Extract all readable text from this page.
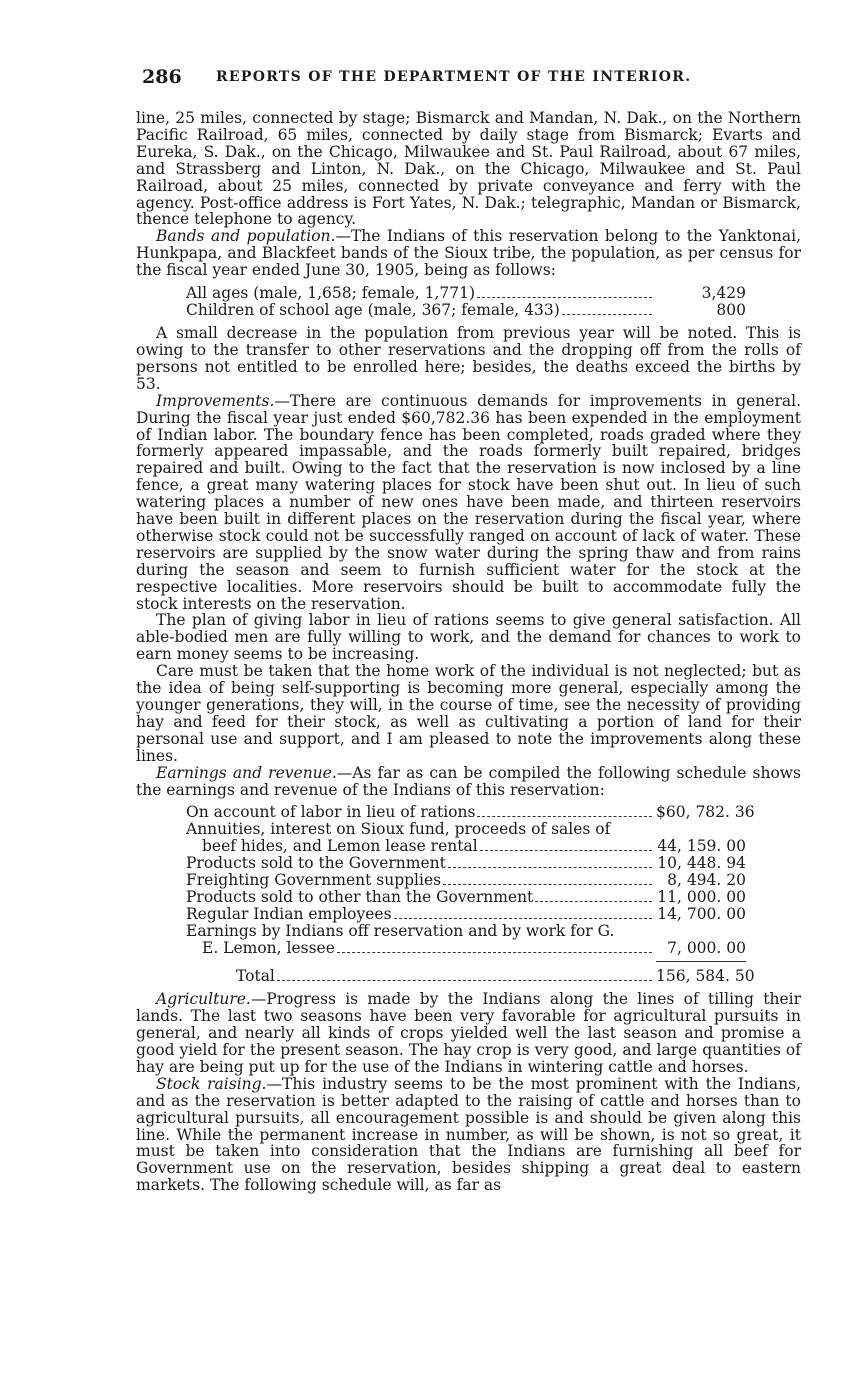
286 REPORTS OF THE DEPARTMENT OF THE INTERIOR.

line, 25 miles, connected by stage; Bismarck and Mandan, N. Dak., on the Northern Pacific Railroad, 65 miles, connected by daily stage from Bismarck; Evarts and Eureka, S. Dak., on the Chicago, Milwaukee and St. Paul Railroad, about 67 miles, and Strassberg and Linton, N. Dak., on the Chicago, Milwaukee and St. Paul Railroad, about 25 miles, connected by private conveyance and ferry with the agency. Post-office address is Fort Yates, N. Dak.; telegraphic, Mandan or Bismarck, thence telephone to agency.

Bands and population.—The Indians of this reservation belong to the Yanktonai, Hunkpapa, and Blackfeet bands of the Sioux tribe, the population, as per census for the fiscal year ended June 30, 1905, being as follows:

All ages (male, 1,658; female, 1,771)	3,429
Children of school age (male, 367; female, 433)	800

A small decrease in the population from previous year will be noted. This is owing to the transfer to other reservations and the dropping off from the rolls of persons not entitled to be enrolled here; besides, the deaths exceed the births by 53.

Improvements.—There are continuous demands for improvements in general. During the fiscal year just ended $60,782.36 has been expended in the employment of Indian labor. The boundary fence has been completed, roads graded where they formerly appeared impassable, and the roads formerly built repaired, bridges repaired and built. Owing to the fact that the reservation is now inclosed by a line fence, a great many watering places for stock have been shut out. In lieu of such watering places a number of new ones have been made, and thirteen reservoirs have been built in different places on the reservation during the fiscal year, where otherwise stock could not be successfully ranged on account of lack of water. These reservoirs are supplied by the snow water during the spring thaw and from rains during the season and seem to furnish sufficient water for the stock at the respective localities. More reservoirs should be built to accommodate fully the stock interests on the reservation.

The plan of giving labor in lieu of rations seems to give general satisfaction. All able-bodied men are fully willing to work, and the demand for chances to work to earn money seems to be increasing.

Care must be taken that the home work of the individual is not neglected; but as the idea of being self-supporting is becoming more general, especially among the younger generations, they will, in the course of time, see the necessity of providing hay and feed for their stock, as well as cultivating a portion of land for their personal use and support, and I am pleased to note the improvements along these lines.

Earnings and revenue.—As far as can be compiled the following schedule shows the earnings and revenue of the Indians of this reservation:

On account of labor in lieu of rations	$60, 782. 36
Annuities, interest on Sioux fund, proceeds of sales of
beef hides, and Lemon lease rental	44, 159. 00
Products sold to the Government	10, 448. 94
Freighting Government supplies	8, 494. 20
Products sold to other than the Government	11, 000. 00
Regular Indian employees	14, 700. 00
Earnings by Indians off reservation and by work for G.
E. Lemon, lessee	7, 000. 00
Total	156, 584. 50

Agriculture.—Progress is made by the Indians along the lines of tilling their lands. The last two seasons have been very favorable for agricultural pursuits in general, and nearly all kinds of crops yielded well the last season and promise a good yield for the present season. The hay crop is very good, and large quantities of hay are being put up for the use of the Indians in wintering cattle and horses.

Stock raising.—This industry seems to be the most prominent with the Indians, and as the reservation is better adapted to the raising of cattle and horses than to agricultural pursuits, all encouragement possible is and should be given along this line. While the permanent increase in number, as will be shown, is not so great, it must be taken into consideration that the Indians are furnishing all beef for Government use on the reservation, besides shipping a great deal to eastern markets. The following schedule will, as far as
